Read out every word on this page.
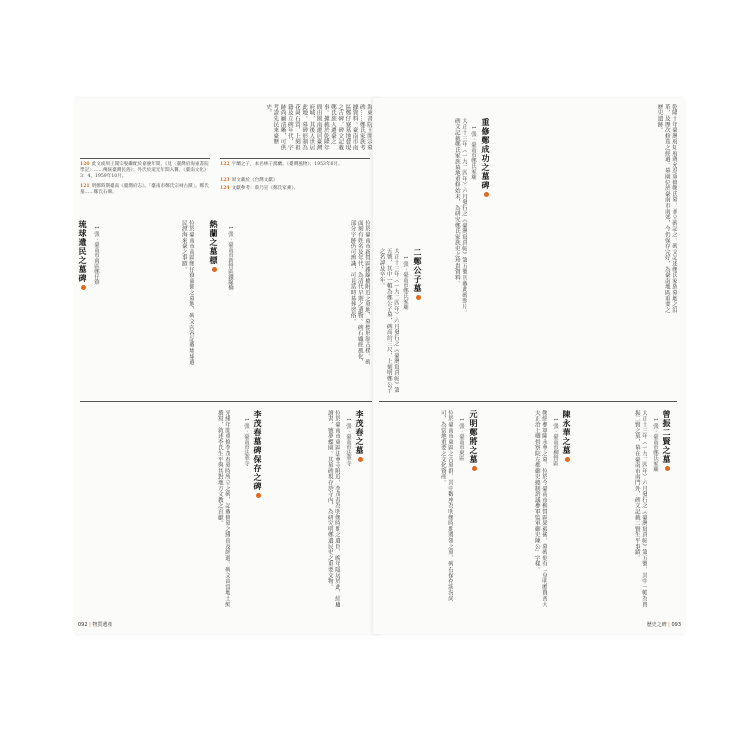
海東書院王開宗墓碑……鄭氏家族考據資料。臺南市南區鄭仔寮墓地發現之古碑，碑文記載鄭氏族人遷臺之事。據載於乾隆年間由閩南遷居臺灣府城，其後人世居此地。墓碑形制為花崗石質，上刻祖籍及立碑年代，字跡尚屬清晰，可供考證先民來臺歷史。
120 此文或刻王開宗娶繼配於嘉慶年間。《見〈臺灣府海東書院學記〉……傳統臺灣民俗》；外氏於道光年間入贅。《臺南文化》3：4。1959年10月。
121 明鄭時期臺南《臺灣府志》。「臺南市鄭氏宗祠古蹟」。鄭氏墓……鄭氏石碑。
122 宇蘭之子，本名林子鴻蘭。《臺灣風物》；1953年6月。
123 原文載於《台灣文獻》
124 文獻參考：蔡乃宣《鄭氏家乘》。
位於臺南市新營區鐵線橋附近之墓地，墓標形制古樸，碑面刻有姓名及年代，為清代早期之遺物。碑石雖經風化，部分字跡仍可辨識，可見當時墓葬習俗。
1 張 · 臺南市新營區鐵線橋
熱蘭之墓標
位於臺南市南區鄭仔寮東側之墓地，碑文內容記載琉球遺民渡海來臺之事蹟。
1 張 · 臺南市南區鄭仔寮
琉球遺民之墓碑
李茂春之墓
1 張 · 臺南市法華寺
位於臺南市東區法華寺附近，李茂春為明鄭時期之遺臣，晚年隱居於此，結廬讀書，號夢蝶園。其墓碑現存於寺內，為研究明鄭遺民史之重要文物。
李茂春墓碑保存之碑
1 張 · 臺南市法華寺
光緒年間重修李茂春墓時所立之碑，記載修墓之緣由及經過。碑文由當地士紳撰寫，敘述李氏生平與其對地方文教之貢獻。
092 | 物質遺產
乾隆十年臺灣府知府蔣允焄重修鄭氏墓，並立碑記之。碑文記述鄭氏家族墓地之沿革，及歷次修葺之經過。墓園位於臺南市南郊，今仍保存完好，為臺南地區重要之歷史遺跡。
重修鄭成功之墓碑
1 張 · 臺南市鄭氏家廟
大正十三年（一九二四年）六月發行之《臺灣寫真帖》第五號刊載此碑照片。碑文記載鄭氏家族墓地重修始末，為研究鄭氏家族史之珍貴資料。
二鄭公子墓
1 張 · 臺南市鄭氏家廟
大正十三年（一九二四年）六月發行之《臺灣寫真帖》第五號，其中一幀為鄭公子墓，碑高約三尺，上刻明鄭公子之名諱及卒年。
曾振二賢之墓
1 張 · 臺南市鄭氏家廟
大正十三年（一九二四年）六月發行之《臺灣寫真帖》第五號，其中一幀為曾振二賢之墓，墓在臺南市南門外，碑文記載二賢生平事蹟。
陳永華之墓
1 張 · 臺南市柳營區
鄭經參軍陳永華之墓，位於今臺南市柳營區果毅後，墓碑刻有「皇明贈資善大夫正治上卿督察院左都御史總制諮議參軍監軍御史陳公」字樣。
元明鄭將之墓
1 張 · 臺南市東區
位於臺南市東區之古墓群，其中數座為明鄭時期將領之墓，碑石保存狀況尚可，為當地重要之文化資產。
歷史之碑 | 093
